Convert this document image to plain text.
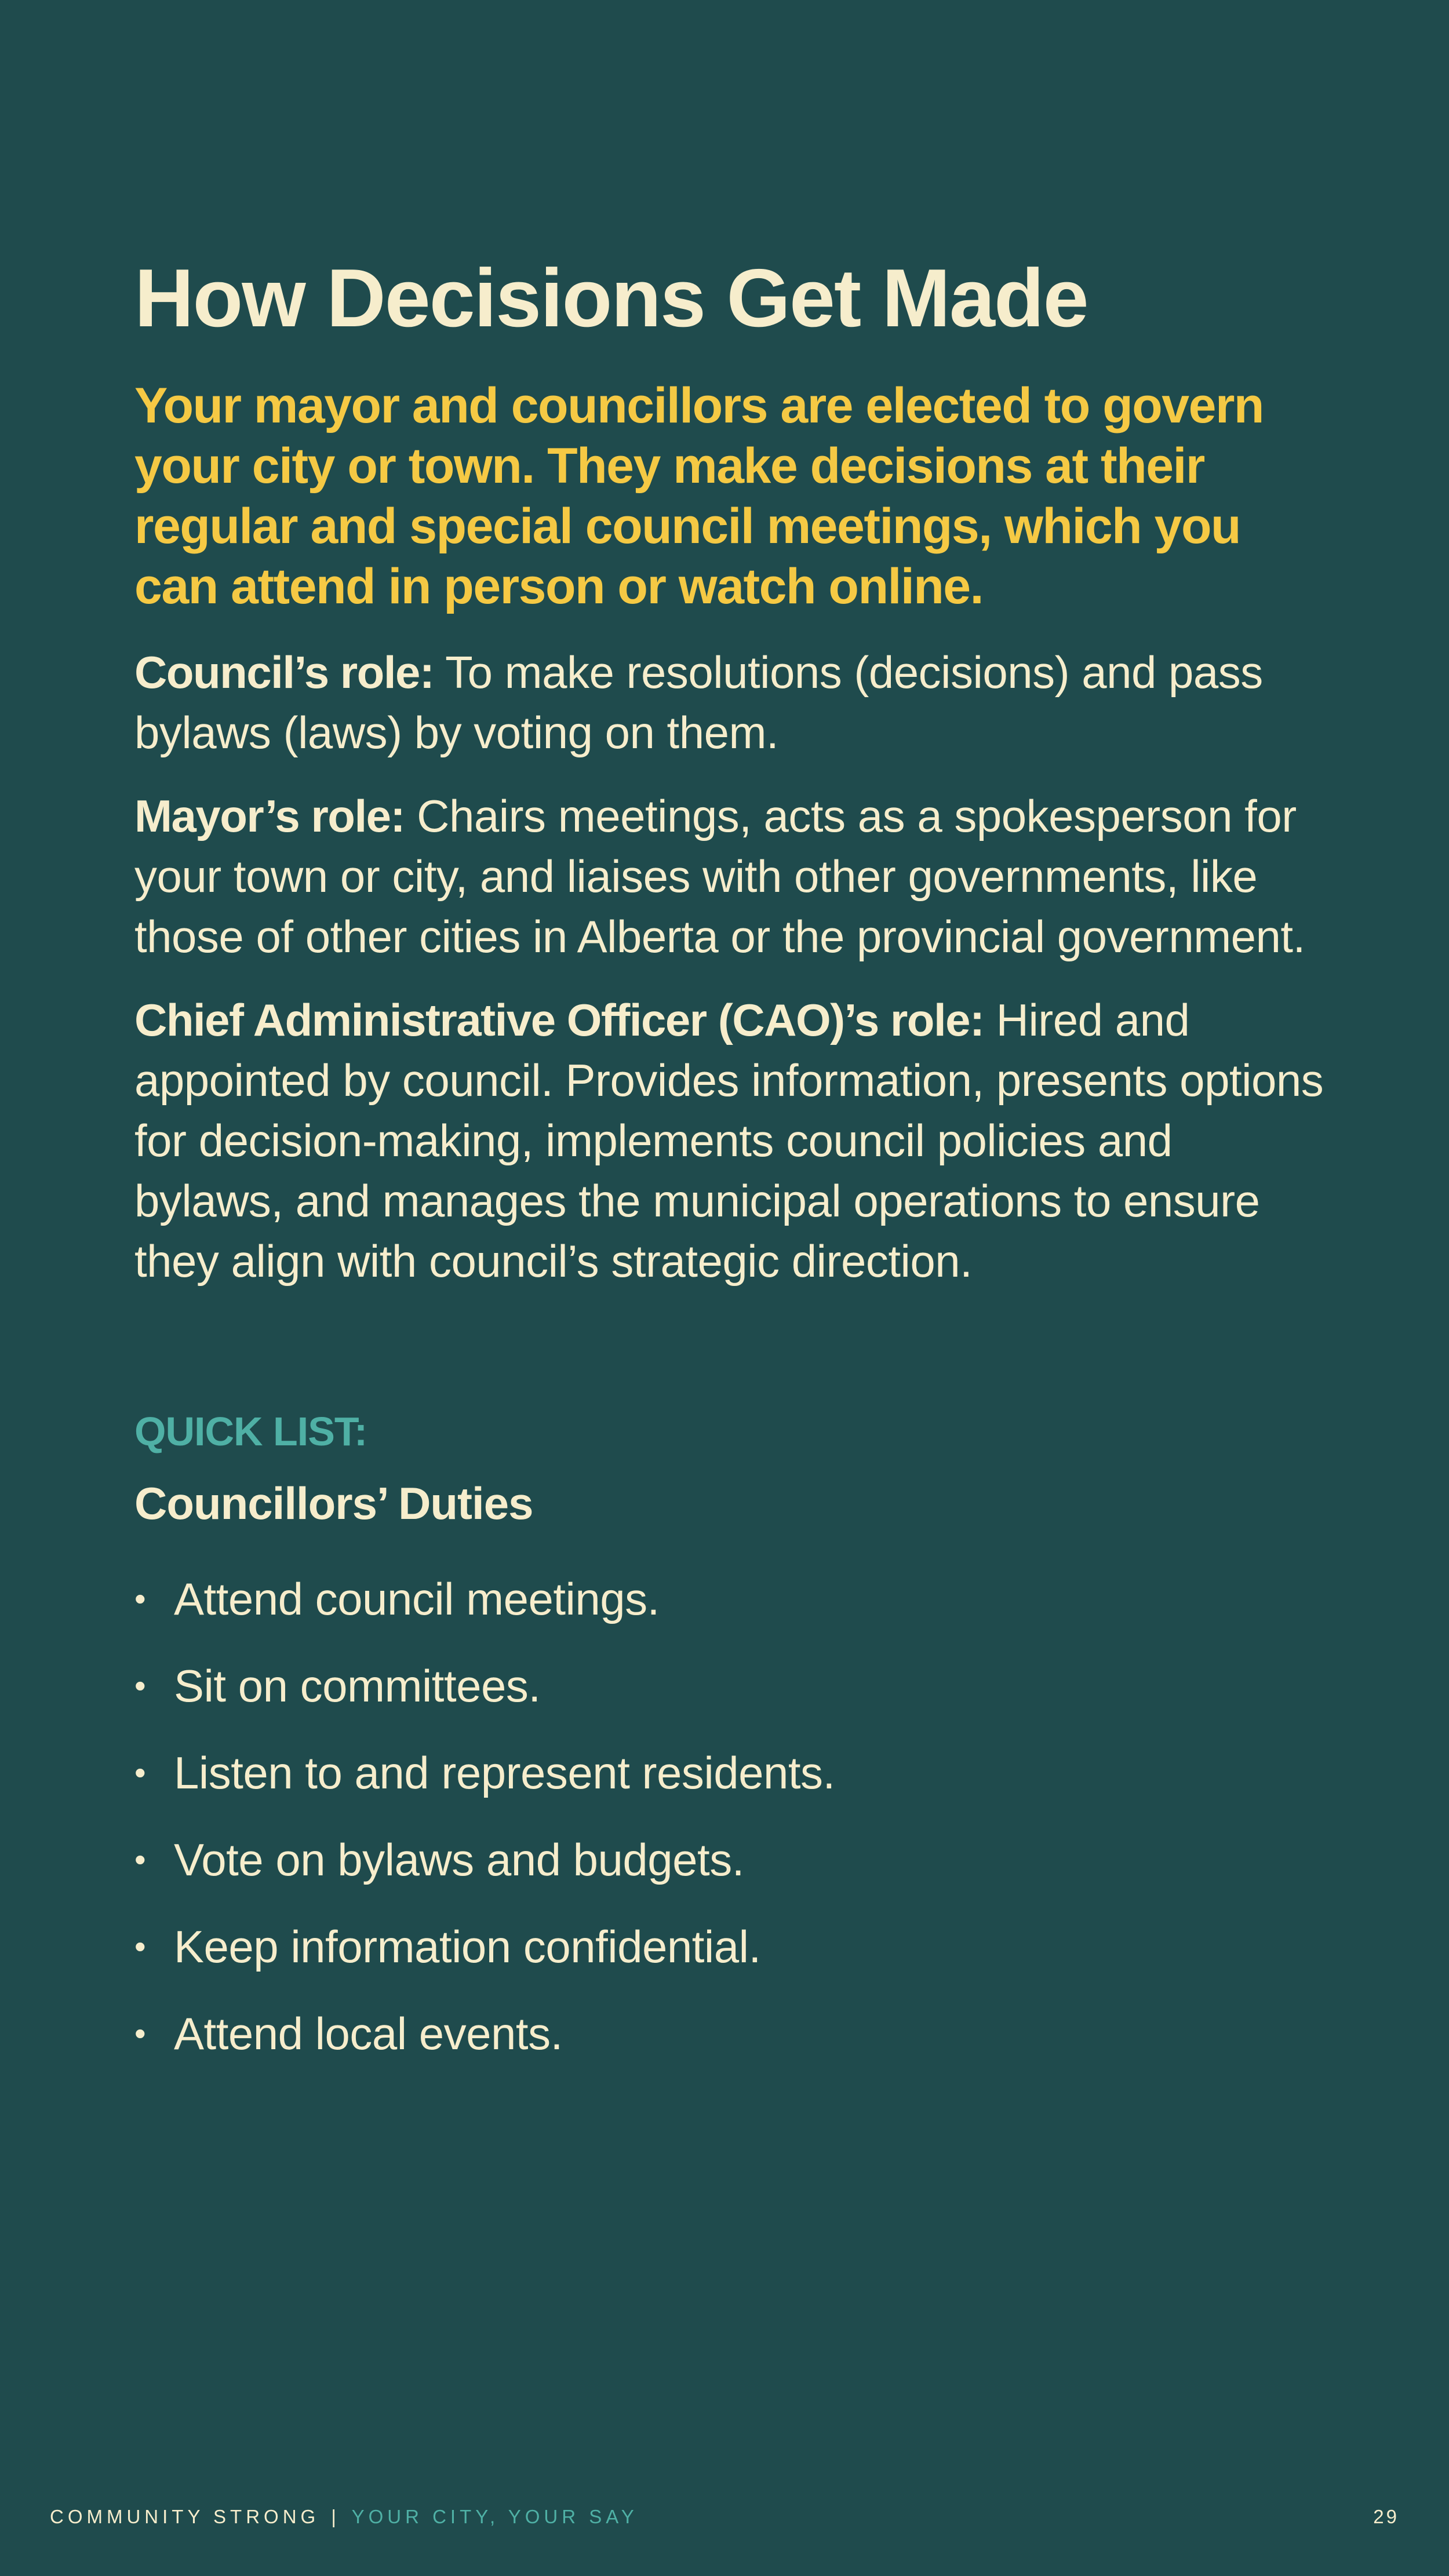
How Decisions Get Made

Your mayor and councillors are elected to govern your city or town. They make decisions at their regular and special council meetings, which you can attend in person or watch online.

Council’s role: To make resolutions (decisions) and pass bylaws (laws) by voting on them.

Mayor’s role: Chairs meetings, acts as a spokesperson for your town or city, and liaises with other governments, like those of other cities in Alberta or the provincial government.

Chief Administrative Officer (CAO)’s role: Hired and appointed by council. Provides information, presents options for decision-making, implements council policies and bylaws, and manages the municipal operations to ensure they align with council’s strategic direction.

QUICK LIST:
Councillors’ Duties
• Attend council meetings.
• Sit on committees.
• Listen to and represent residents.
• Vote on bylaws and budgets.
• Keep information confidential.
• Attend local events.
COMMUNITY STRONG | YOUR CITY, YOUR SAY	29
